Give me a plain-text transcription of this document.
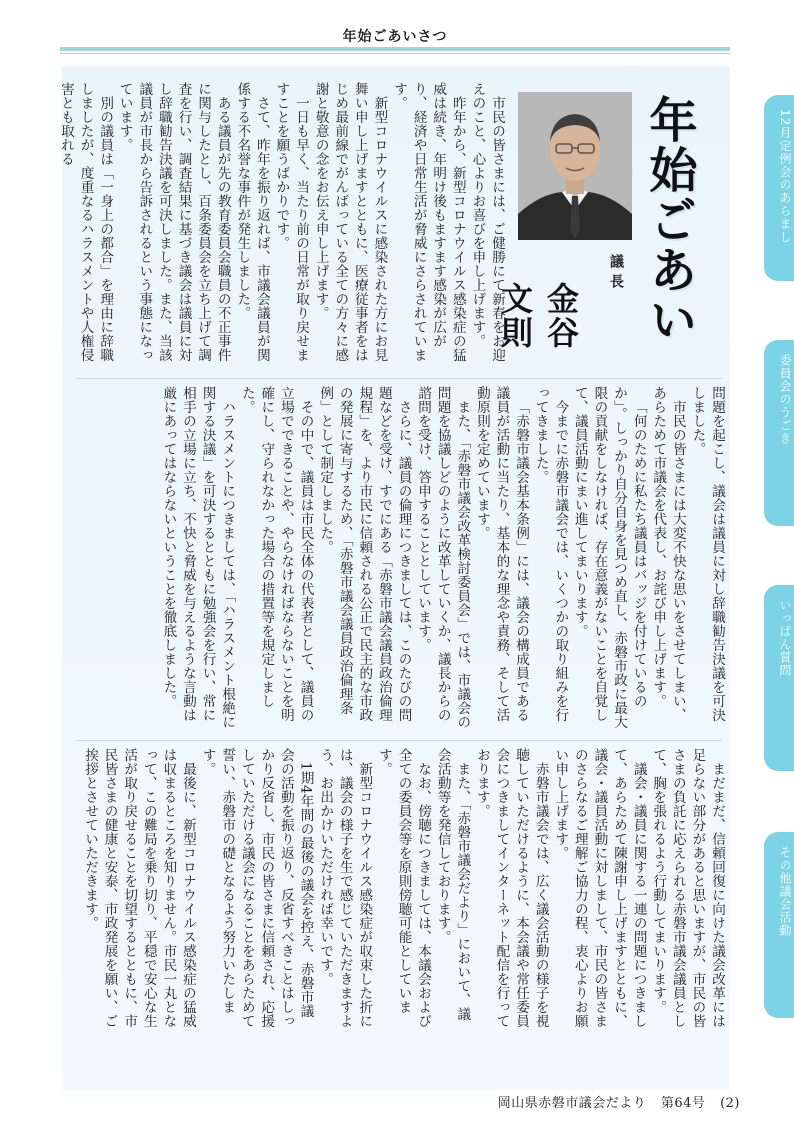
年始ごあいさつ
年始ごあい
議長
金谷 文則

市民の皆さまには、ご健勝にて新春をお迎えのこと、心よりお喜びを申し上げます。

昨年から、新型コロナウイルス感染症の猛威は続き、年明け後もますます感染が広がり、経済や日常生活が脅威にさらされています。

新型コロナウイルスに感染された方にお見舞い申し上げますとともに、医療従事者をはじめ最前線でがんばっている全ての方々に感謝と敬意の念をお伝え申し上げます。

一日も早く、当たり前の日常が取り戻せますことを願うばかりです。

さて、昨年を振り返れば、市議会議員が関係する不名誉な事件が発生しました。

ある議員が先の教育委員会職員の不正事件に関与したとし、百条委員会を立ち上げて調査を行い、調査結果に基づき議会は議員に対し辞職勧告決議を可決しました。また、当該議員が市長から告訴されるという事態になっています。

別の議員は「一身上の都合」を理由に辞職しましたが、度重なるハラスメントや人権侵害とも取れる

問題を起こし、議会は議員に対し辞職勧告決議を可決しました。

市民の皆さまには大変不快な思いをさせてしまい、あらためて市議会を代表し、お詫び申し上げます。

「何のために私たち議員はバッジを付けているのか」。しっかり自分自身を見つめ直し、赤磐市政に最大限の貢献をしなければ、存在意義がないことを自覚して、議員活動にまい進してまいります。

今までに赤磐市議会では、いくつかの取り組みを行ってきました。

「赤磐市議会基本条例」には、議会の構成員である議員が活動に当たり、基本的な理念や責務、そして活動原則を定めています。

また、「赤磐市議会改革検討委員会」では、市議会の問題を協議しどのように改革していくか、議長からの諮問を受け、答申することとしています。

さらに、議員の倫理につきましては、このたびの問題などを受け、すでにある「赤磐市議会議員政治倫理規程」を、より市民に信頼される公正で民主的な市政の発展に寄与するため、「赤磐市議会議員政治倫理条例」として制定しました。

その中で、議員は市民全体の代表者として、議員の立場でできることや、やらなければならないことを明確にし、守られなかった場合の措置等を規定しました。

ハラスメントにつきましては、「ハラスメント根絶に関する決議」を可決するとともに勉強会を行い、常に相手の立場に立ち、不快と脅威を与えるような言動は厳にあってはならないということを徹底しました。

まだまだ、信頼回復に向けた議会改革には足らない部分があると思いますが、市民の皆さまの負託に応えられる赤磐市議会議員として、胸を張れるよう行動してまいります。

議会・議員に関する一連の問題につきまして、あらためて陳謝申し上げますとともに、議会・議員活動に対しまして、市民の皆さまのさらなるご理解ご協力の程、衷心よりお願い申し上げます。

赤磐市議会では、広く議会活動の様子を視聴していただけるように、本会議や常任委員会につきましてインターネット配信を行っております。

また、「赤磐市議会だより」において、議会活動等を発信しております。

なお、傍聴につきましては、本議会および全ての委員会等を原則傍聴可能としています。

新型コロナウイルス感染症が収束した折には、議会の様子を生で感じていただきますよう、お出かけいただければ幸いです。

1期4年間の最後の議会を控え、赤磐市議会の活動を振り返り、反省すべきことはしっかり反省し、市民の皆さまに信頼され、応援していただける議会になることをあらためて誓い、赤磐市の礎となるよう努力いたします。

最後に、新型コロナウイルス感染症の猛威は収まるところを知りません。市民一丸となって、この難局を乗り切り、平穏で安心な生活が取り戻せることを切望するとともに、市民皆さまの健康と安泰、市政発展を願い、ご挨拶とさせていただきます。

12月定例会のあらまし
委員会のうごき
いっぱん質問
その他議会活動
岡山県赤磐市議会だより 第64号 (2)
